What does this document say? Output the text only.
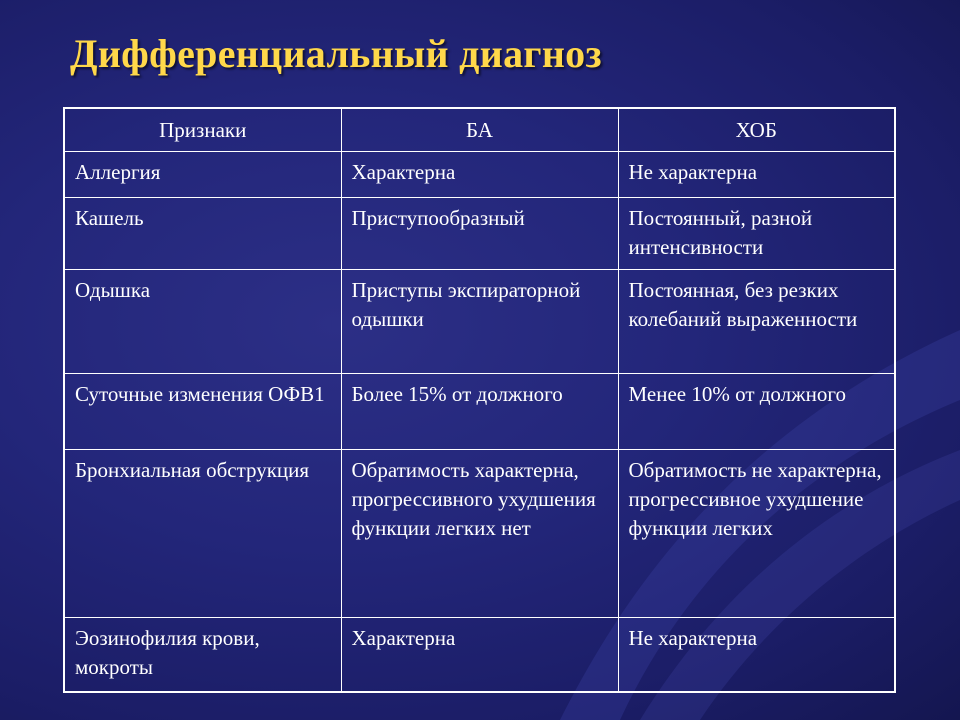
Дифференциальный диагноз
Признаки	БА	ХОБ
Аллергия	Характерна	Не характерна
Кашель	Приступообразный	Постоянный, разной интенсивности
Одышка	Приступы экспираторной одышки	Постоянная, без резких колебаний выраженности
Суточные изменения ОФВ1	Более 15% от должного	Менее 10% от должного
Бронхиальная обструкция	Обратимость характерна, прогрессивного ухудшения функции легких нет	Обратимость не характерна, прогрессивное ухудшение функции легких
Эозинофилия крови, мокроты	Характерна	Не характерна
